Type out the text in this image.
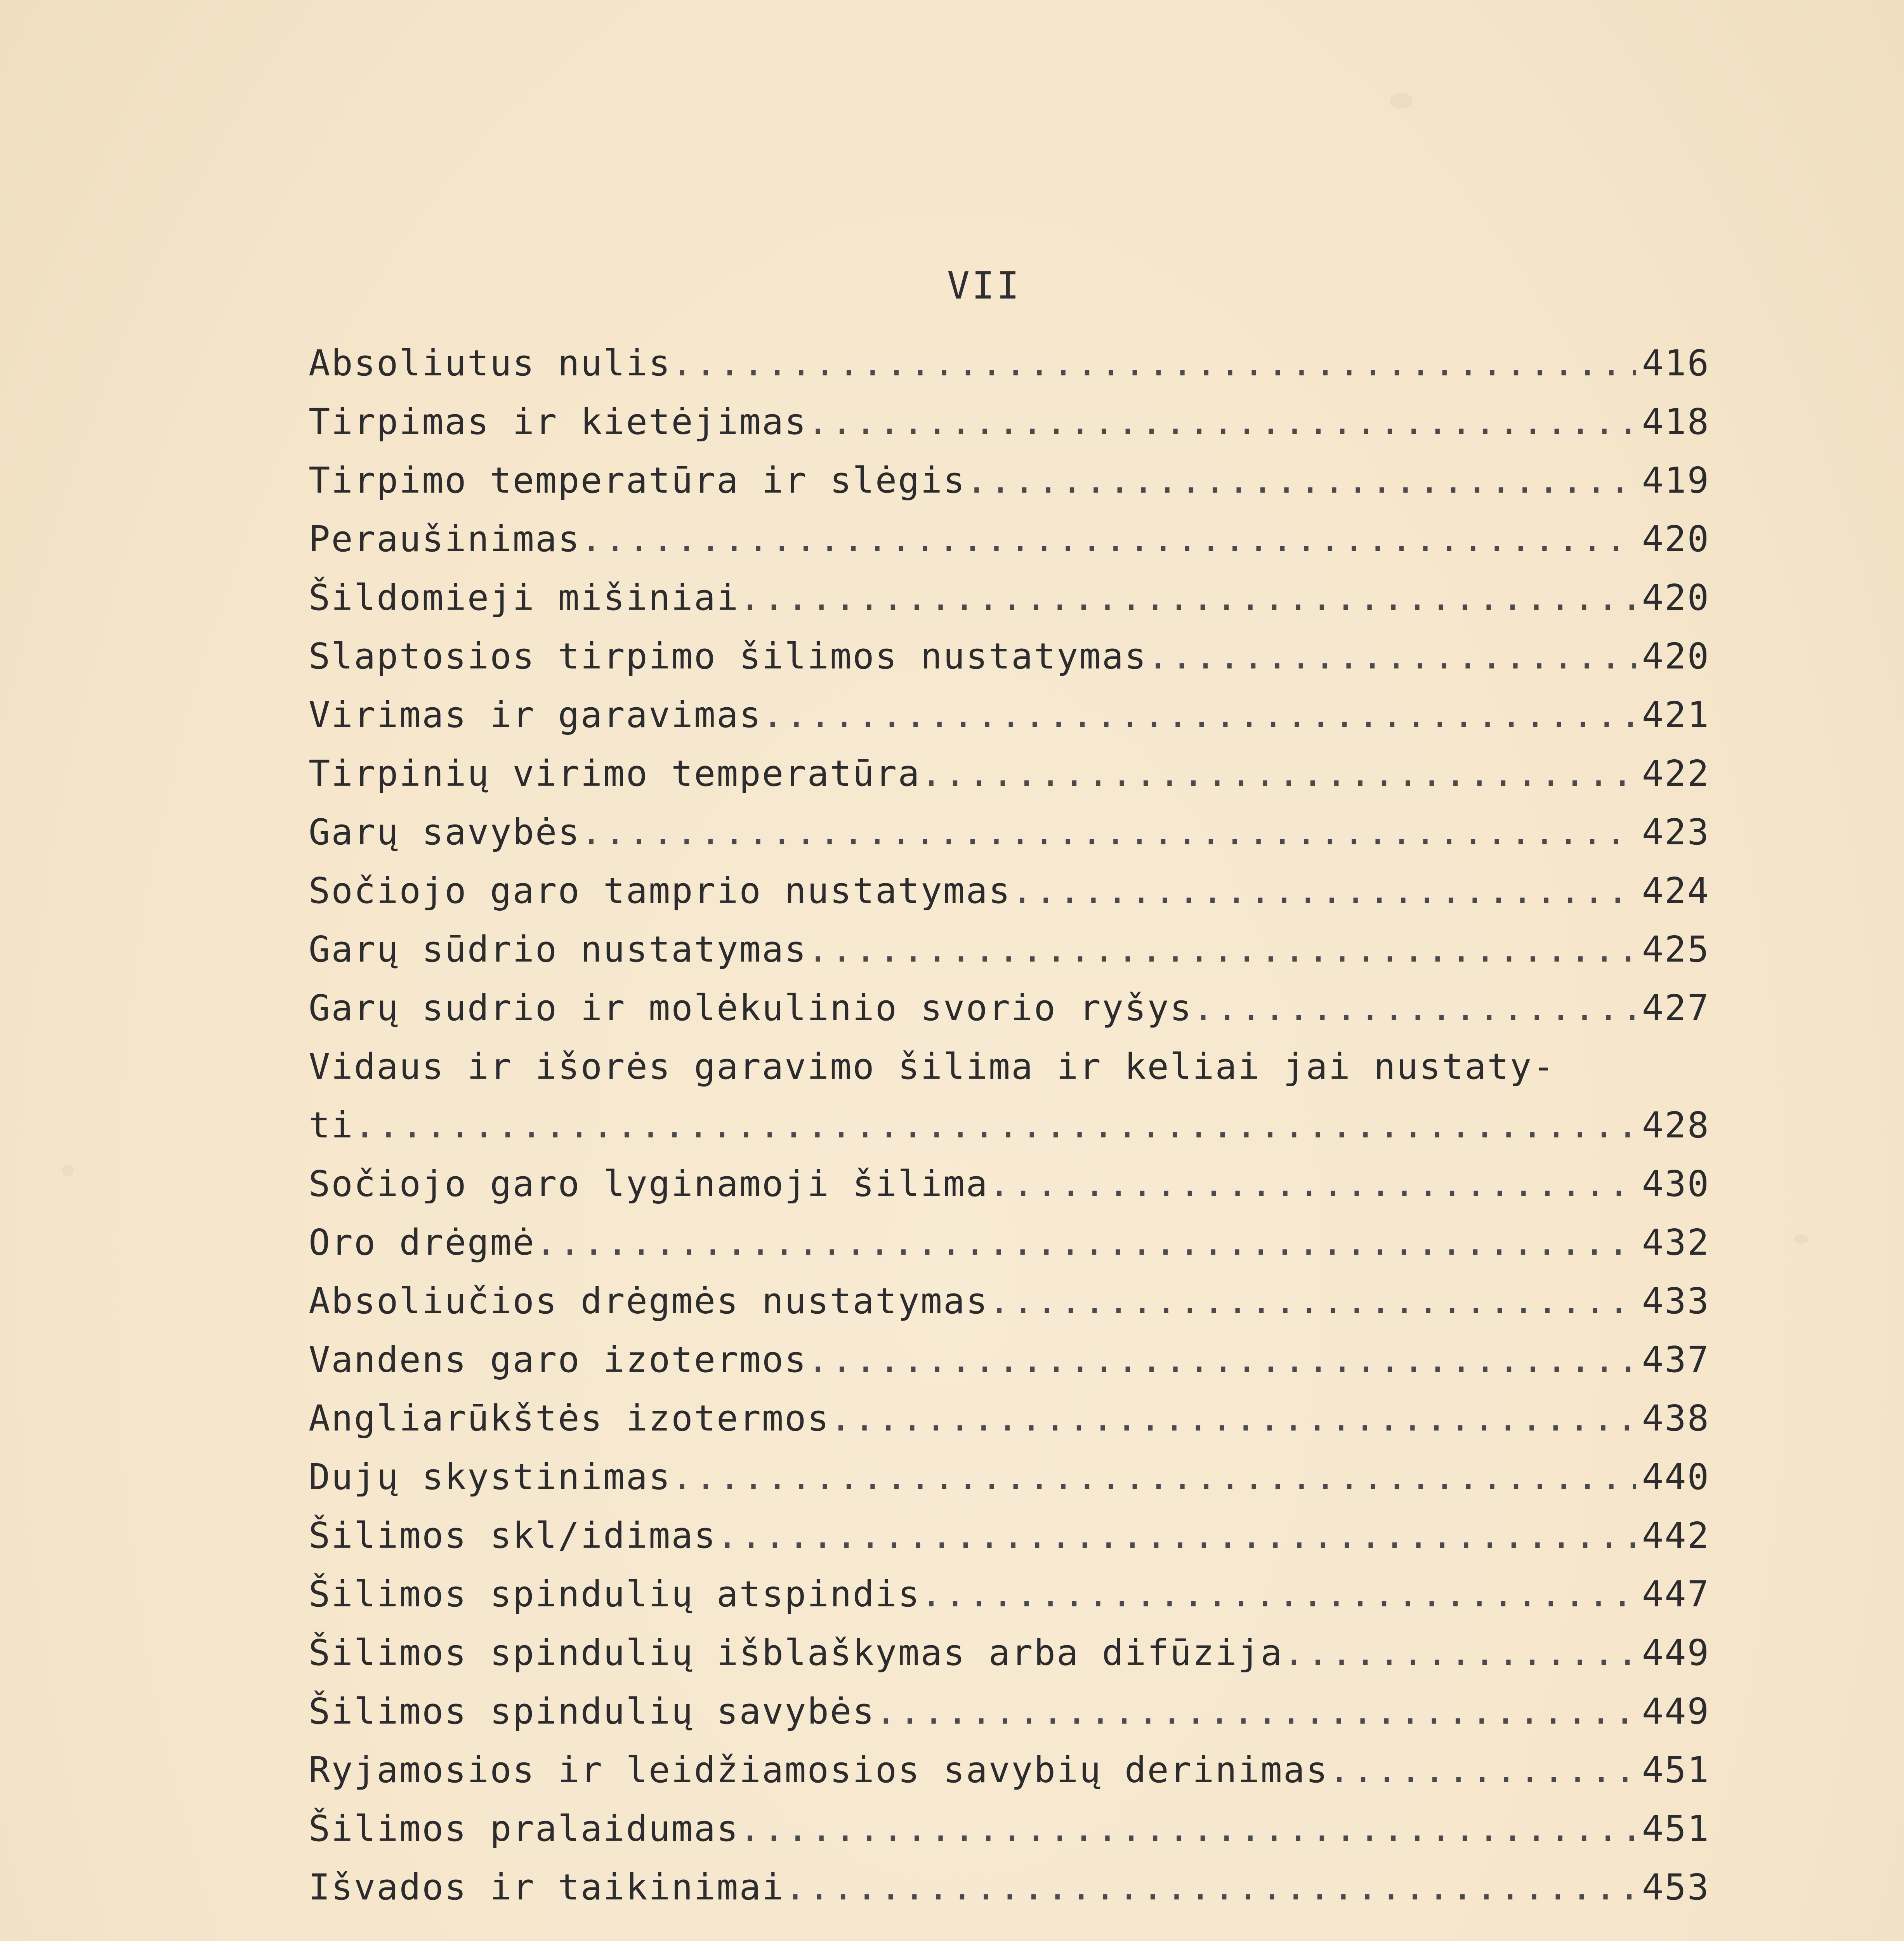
VII
Absoliutus nulis .....	416
Tirpimas ir kietėjimas .....	418
Tirpimo temperatūra ir slėgis .....	419
Peraušinimas .....	420
Šildomieji mišiniai .....	420
Slaptosios tirpimo šilimos nustatymas .....	420
Virimas ir garavimas .....	421
Tirpinių virimo temperatūra .....	422
Garų savybės .....	423
Sočiojo garo tamprio nustatymas .....	424
Garų sūdrio nustatymas .....	425
Garų sudrio ir molėkulinio svorio ryšys .....	427
Vidaus ir išorės garavimo šilima ir keliai jai nustaty-
ti .....	428
Sočiojo garo lyginamoji šilima .....	430
Oro drėgmė .....	432
Absoliučios drėgmės nustatymas .....	433
Vandens garo izotermos .....	437
Angliarūkštės izotermos .....	438
Dujų skystinimas .....	440
Šilimos skl/idimas .....	442
Šilimos spindulių atspindis .....	447
Šilimos spindulių išblaškymas arba difūzija .....	449
Šilimos spindulių savybės .....	449
Ryjamosios ir leidžiamosios savybių derinimas .....	451
Šilimos pralaidumas .....	451
Išvados ir taikinimai .....	453
